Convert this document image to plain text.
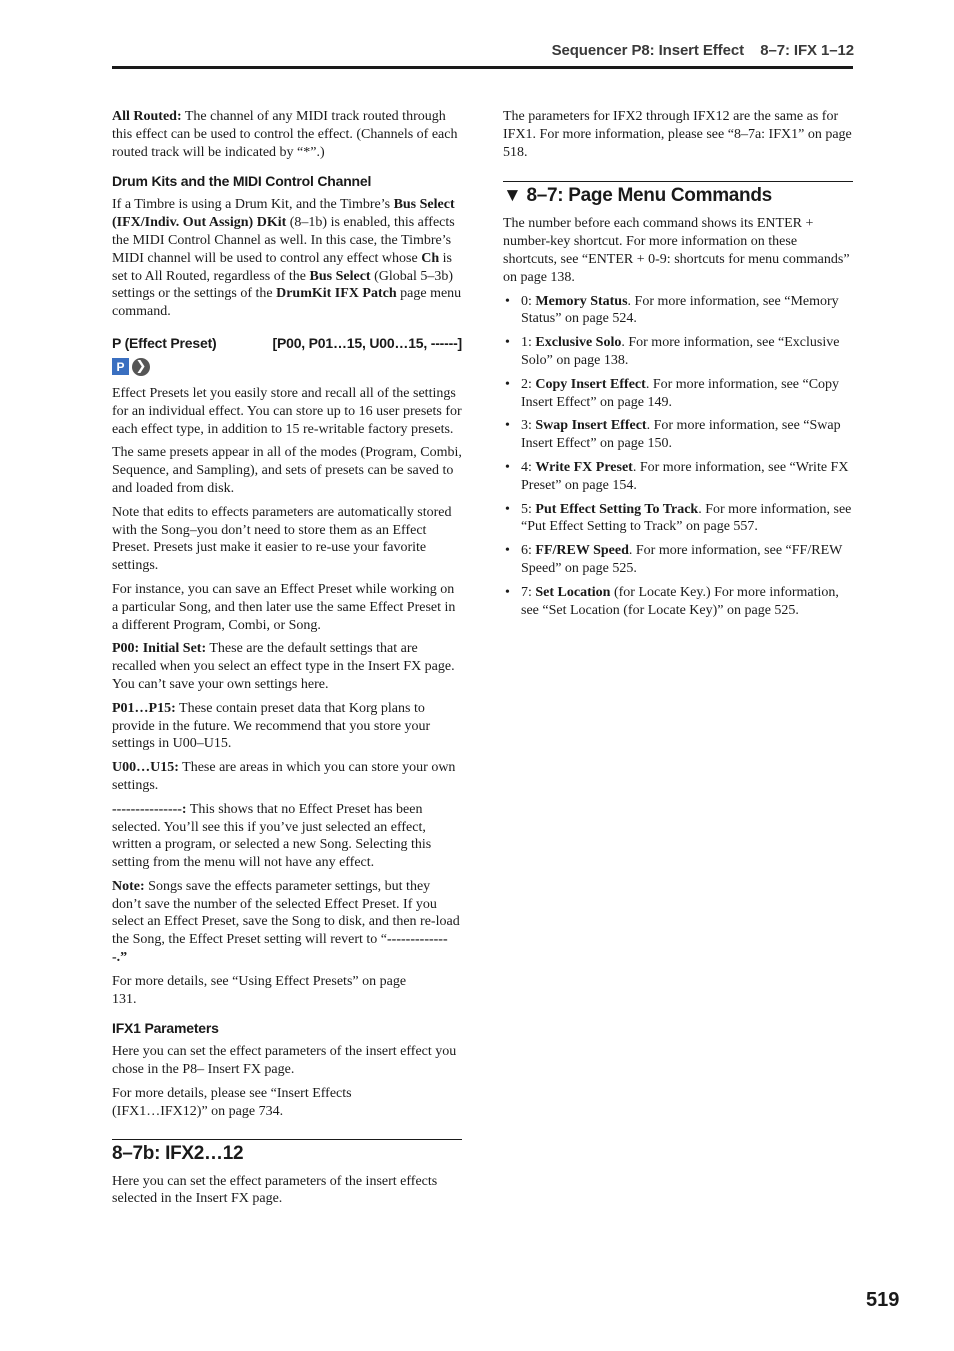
Sequencer P8: Insert Effect    8–7: IFX 1–12

All Routed: The channel of any MIDI track routed through this effect can be used to control the effect. (Channels of each routed track will be indicated by “*”.)

Drum Kits and the MIDI Control Channel

If a Timbre is using a Drum Kit, and the Timbre’s Bus Select (IFX/Indiv. Out Assign) DKit (8–1b) is enabled, this affects the MIDI Control Channel as well. In this case, the Timbre’s MIDI channel will be used to control any effect whose Ch is set to All Routed, regardless of the Bus Select (Global 5–3b) settings or the settings of the DrumKit IFX Patch page menu command.

P (Effect Preset)	[P00, P01…15, U00…15, ------]
P ❯

Effect Presets let you easily store and recall all of the settings for an individual effect. You can store up to 16 user presets for each effect type, in addition to 15 re-writable factory presets.

The same presets appear in all of the modes (Program, Combi, Sequence, and Sampling), and sets of presets can be saved to and loaded from disk.

Note that edits to effects parameters are automatically stored with the Song–you don’t need to store them as an Effect Preset. Presets just make it easier to re-use your favorite settings.

For instance, you can save an Effect Preset while working on a particular Song, and then later use the same Effect Preset in a different Program, Combi, or Song.

P00: Initial Set: These are the default settings that are recalled when you select an effect type in the Insert FX page. You can’t save your own settings here.

P01…P15: These contain preset data that Korg plans to provide in the future. We recommend that you store your settings in U00–U15.

U00…U15: These are areas in which you can store your own settings.

---------------: This shows that no Effect Preset has been selected. You’ll see this if you’ve just selected an effect, written a program, or selected a new Song. Selecting this setting from the menu will not have any effect.

Note: Songs save the effects parameter settings, but they don’t save the number of the selected Effect Preset. If you select an Effect Preset, save the Song to disk, and then re-load the Song, the Effect Preset setting will revert to “--------------.”

For more details, see “Using Effect Presets” on page 131.

IFX1 Parameters

Here you can set the effect parameters of the insert effect you chose in the P8– Insert FX page.

For more details, please see “Insert Effects (IFX1…IFX12)” on page 734.

8–7b: IFX2…12

Here you can set the effect parameters of the insert effects selected in the Insert FX page.

The parameters for IFX2 through IFX12 are the same as for IFX1. For more information, please see “8–7a: IFX1” on page 518.

▼ 8–7: Page Menu Commands

The number before each command shows its ENTER + number-key shortcut. For more information on these shortcuts, see “ENTER + 0-9: shortcuts for menu commands” on page 138.

• 0: Memory Status. For more information, see “Memory Status” on page 524.
• 1: Exclusive Solo. For more information, see “Exclusive Solo” on page 138.
• 2: Copy Insert Effect. For more information, see “Copy Insert Effect” on page 149.
• 3: Swap Insert Effect. For more information, see “Swap Insert Effect” on page 150.
• 4: Write FX Preset. For more information, see “Write FX Preset” on page 154.
• 5: Put Effect Setting To Track. For more information, see “Put Effect Setting to Track” on page 557.
• 6: FF/REW Speed. For more information, see “FF/REW Speed” on page 525.
• 7: Set Location (for Locate Key.) For more information, see “Set Location (for Locate Key)” on page 525.
519
